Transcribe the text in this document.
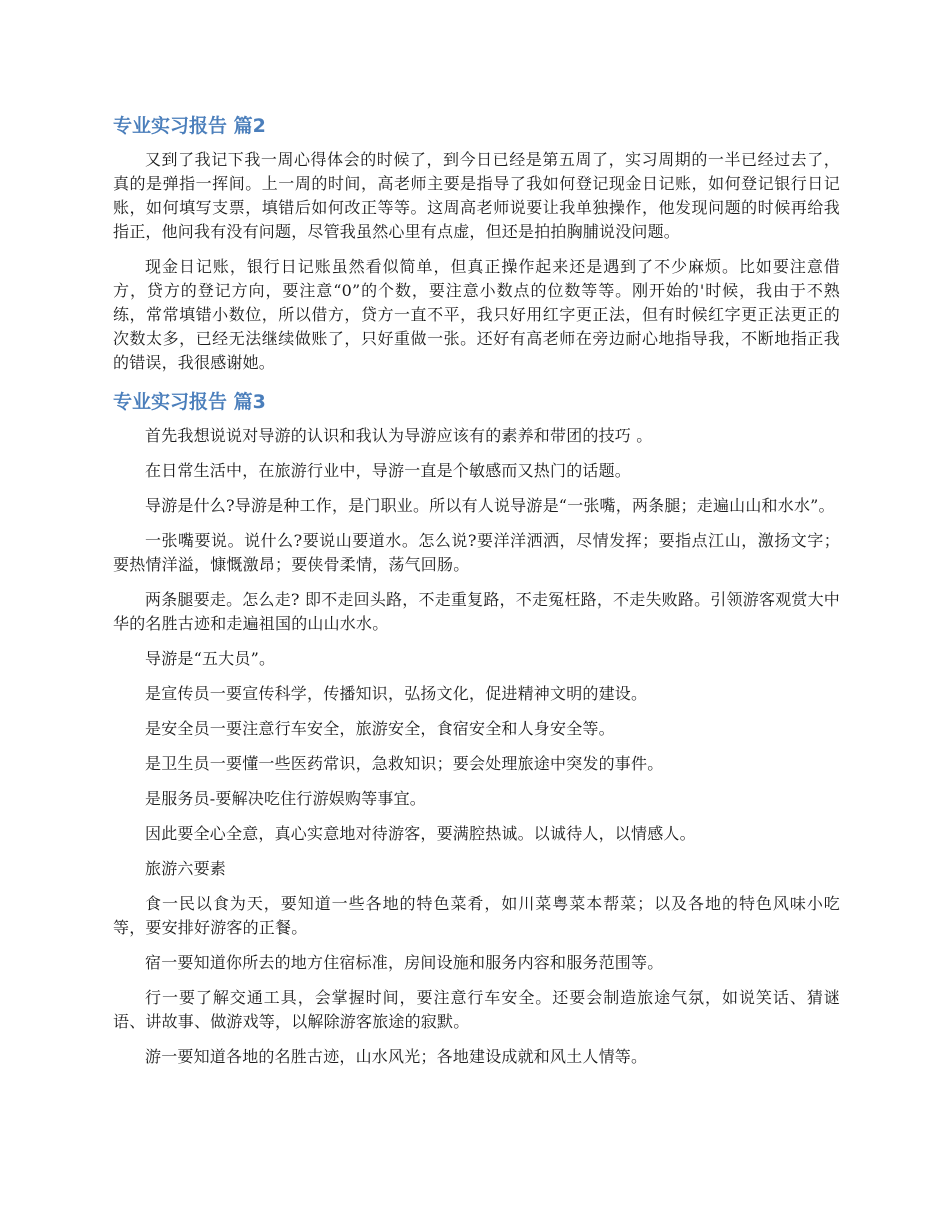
专业实习报告 篇2

又到了我记下我一周心得体会的时候了，到今日已经是第五周了，实习周期的一半已经过去了，真的是弹指一挥间。上一周的时间，高老师主要是指导了我如何登记现金日记账，如何登记银行日记账，如何填写支票，填错后如何改正等等。这周高老师说要让我单独操作，他发现问题的时候再给我指正，他问我有没有问题，尽管我虽然心里有点虚，但还是拍拍胸脯说没问题。

现金日记账，银行日记账虽然看似简单，但真正操作起来还是遇到了不少麻烦。比如要注意借方，贷方的登记方向，要注意“0”的个数，要注意小数点的位数等等。刚开始的'时候，我由于不熟练，常常填错小数位，所以借方，贷方一直不平，我只好用红字更正法，但有时候红字更正法更正的次数太多，已经无法继续做账了，只好重做一张。还好有高老师在旁边耐心地指导我，不断地指正我的错误，我很感谢她。

专业实习报告 篇3

首先我想说说对导游的认识和我认为导游应该有的素养和带团的技巧 。

在日常生活中，在旅游行业中，导游一直是个敏感而又热门的话题。

导游是什么?导游是种工作，是门职业。所以有人说导游是“一张嘴，两条腿；走遍山山和水水”。

一张嘴要说。说什么?要说山要道水。怎么说?要洋洋洒洒，尽情发挥；要指点江山，激扬文字；要热情洋溢，慷慨激昂；要侠骨柔情，荡气回肠。

两条腿要走。怎么走? 即不走回头路，不走重复路，不走冤枉路，不走失败路。引领游客观赏大中华的名胜古迹和走遍祖国的山山水水。

导游是“五大员”。

是宣传员一要宣传科学，传播知识，弘扬文化，促进精神文明的建设。

是安全员一要注意行车安全，旅游安全，食宿安全和人身安全等。

是卫生员一要懂一些医药常识，急救知识；要会处理旅途中突发的事件。

是服务员-要解决吃住行游娱购等事宜。

因此要全心全意，真心实意地对待游客，要满腔热诚。以诚待人，以情感人。

旅游六要素

食一民以食为天，要知道一些各地的特色菜肴，如川菜粤菜本帮菜；以及各地的特色风味小吃等，要安排好游客的正餐。

宿一要知道你所去的地方住宿标准，房间设施和服务内容和服务范围等。

行一要了解交通工具，会掌握时间，要注意行车安全。还要会制造旅途气氛，如说笑话、猜谜语、讲故事、做游戏等，以解除游客旅途的寂默。

游一要知道各地的名胜古迹，山水风光；各地建设成就和风土人情等。
